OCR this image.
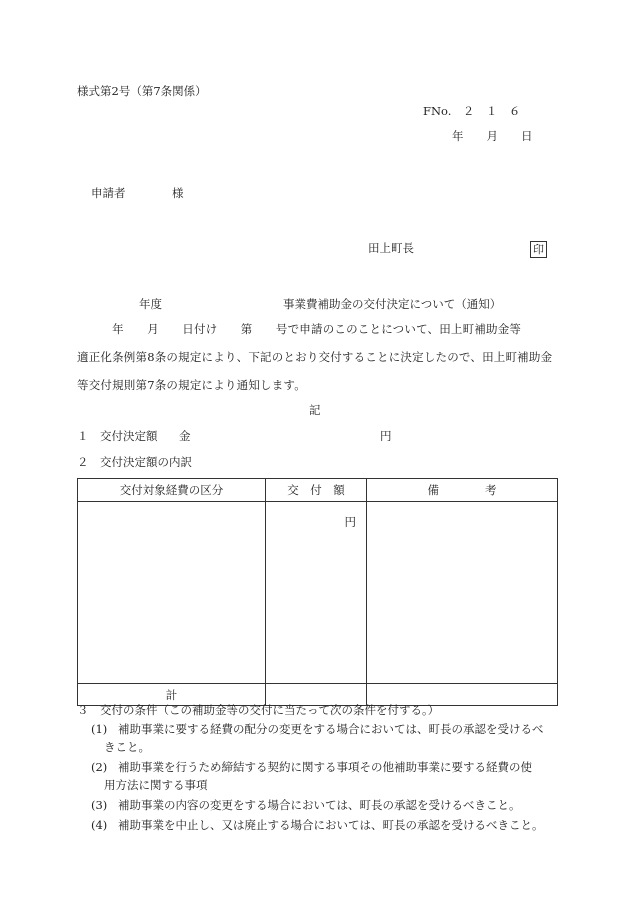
様式第2号（第7条関係）
FNo.　２　１　６
年　　月　　日
申請者	様
田上町長	印
年度	事業費補助金の交付決定について（通知）
　　　年　　月　　日付け　　第　　号で申請のこのことについて、田上町補助金等
適正化条例第8条の規定により、下記のとおり交付することに決定したので、田上町補助金
等交付規則第7条の規定により通知します。
記
１　交付決定額 金	円
２　交付決定額の内訳
交付対象経費の区分	交　付　額	備　　　　考
	円	
計		
３　交付の条件（この補助金等の交付に当たって次の条件を付する。）
(1) 補助事業に要する経費の配分の変更をする場合においては、町長の承認を受けるべ
きこと。
(2) 補助事業を行うため締結する契約に関する事項その他補助事業に要する経費の使
用方法に関する事項
(3) 補助事業の内容の変更をする場合においては、町長の承認を受けるべきこと。
(4) 補助事業を中止し、又は廃止する場合においては、町長の承認を受けるべきこと。
